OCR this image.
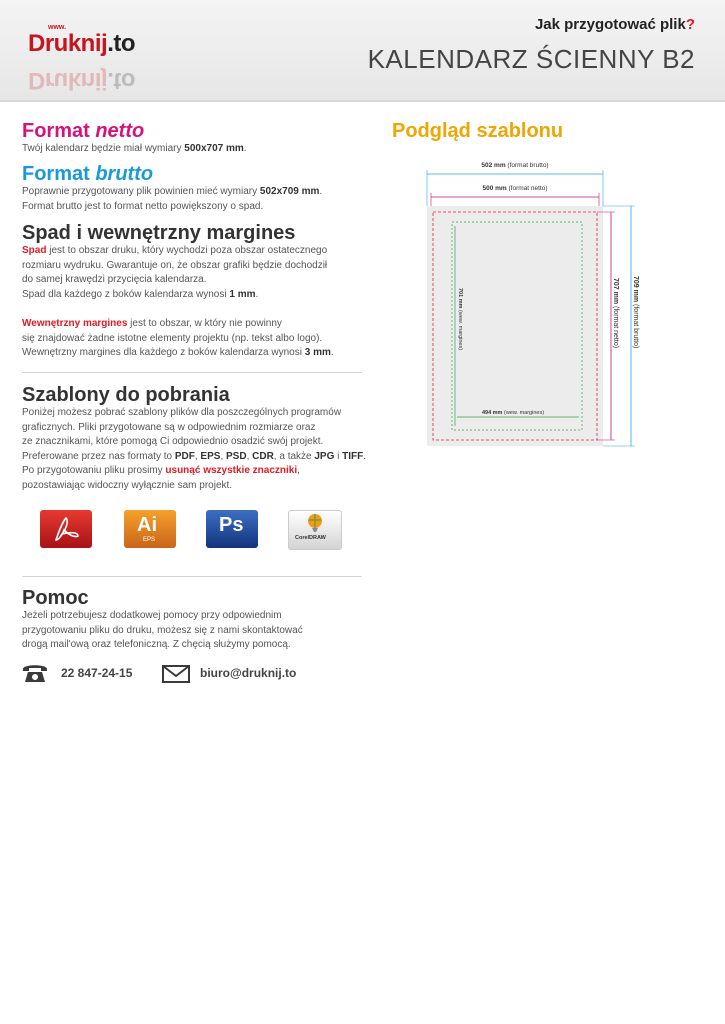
www.
Druknij.to
Druknij.to
Jak przygotować plik?
KALENDARZ ŚCIENNY B2
Format netto
Twój kalendarz będzie miał wymiary 500x707 mm.
Format brutto
Poprawnie przygotowany plik powinien mieć wymiary 502x709 mm.
Format brutto jest to format netto powiększony o spad.
Spad i wewnętrzny margines
Spad jest to obszar druku, który wychodzi poza obszar ostatecznego
rozmiaru wydruku. Gwarantuje on, że obszar grafiki będzie dochodził
do samej krawędzi przycięcia kalendarza.
Spad dla każdego z boków kalendarza wynosi 1 mm.
Wewnętrzny margines jest to obszar, w który nie powinny
się znajdować żadne istotne elementy projektu (np. tekst albo logo).
Wewnętrzny margines dla każdego z boków kalendarza wynosi 3 mm.
Szablony do pobrania
Poniżej możesz pobrać szablony plików dla poszczególnych programów
graficznych. Pliki przygotowane są w odpowiednim rozmiarze oraz
ze znacznikami, które pomogą Ci odpowiednio osadzić swój projekt.
Preferowane przez nas formaty to PDF, EPS, PSD, CDR, a także JPG i TIFF.
Po przygotowaniu pliku prosimy usunąć wszystkie znaczniki,
pozostawiając widoczny wyłącznie sam projekt.
Ai
EPS
Ps
CorelDRAW
Pomoc
Jeżeli potrzebujesz dodatkowej pomocy przy odpowiednim
przygotowaniu pliku do druku, możesz się z nami skontaktować
drogą mail'ową oraz telefoniczną. Z chęcią służymy pomocą.
22 847-24-15	biuro@druknij.to
Podgląd szablonu
502 mm (format brutto)
500 mm (format netto)
701 mm (wew. margines)
494 mm (wew. margines)
707 mm (format netto)
709 mm (format brutto)
